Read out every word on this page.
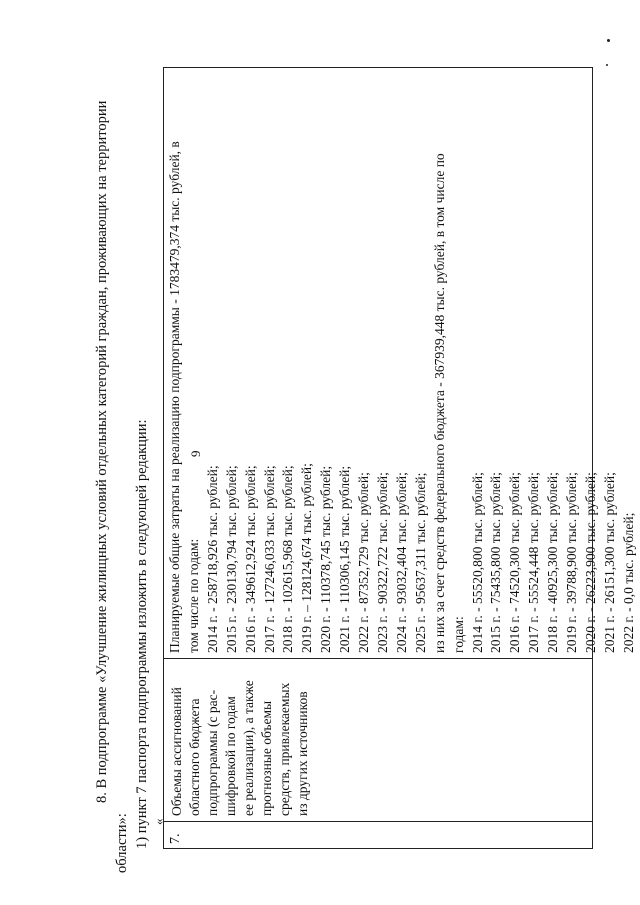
9
8. В подпрограмме «Улучшение жилищных условий отдельных категорий граждан, проживающих на территории
области»: 1) пункт 7 паспорта подпрограммы изложить в следующей редакции: «
7.
Объемы ассигнований областного бюджета подпрограммы (с рас- шифровкой по годам ее реализации), а также прогнозные объемы средств, привлекаемых из других источников
Планируемые общие затраты на реализацию подпрограммы - 1783479,374 тыс. рублей, в том числе по годам: 2014 г. - 258718,926 тыс. рублей; 2015 г. - 230130,794 тыс. рублей; 2016 г. - 349612,924 тыс. рублей; 2017 г. - 127246,033 тыс. рублей; 2018 г. - 102615,968 тыс. рублей; 2019 г. – 128124,674 тыс. рублей; 2020 г. - 110378,745 тыс. рублей; 2021 г. - 110306,145 тыс. рублей; 2022 г. - 87352,729 тыс. рублей; 2023 г. - 90322,722 тыс. рублей; 2024 г. - 93032,404 тыс. рублей; 2025 г. - 95637,311 тыс. рублей; из них за счет средств федерального бюджета - 367939,448 тыс. рублей, в том числе по годам: 2014 г. - 55520,800 тыс. рублей; 2015 г. - 75435,800 тыс. рублей; 2016 г. - 74520,300 тыс. рублей; 2017 г. - 55524,448 тыс. рублей; 2018 г. - 40925,300 тыс. рублей; 2019 г. - 39788,900 тыс. рублей; 2020 г. - 26223,900 тыс. рублей; 2021 г. - 26151,300 тыс. рублей; 2022 г. - 0,0 тыс. рублей;
